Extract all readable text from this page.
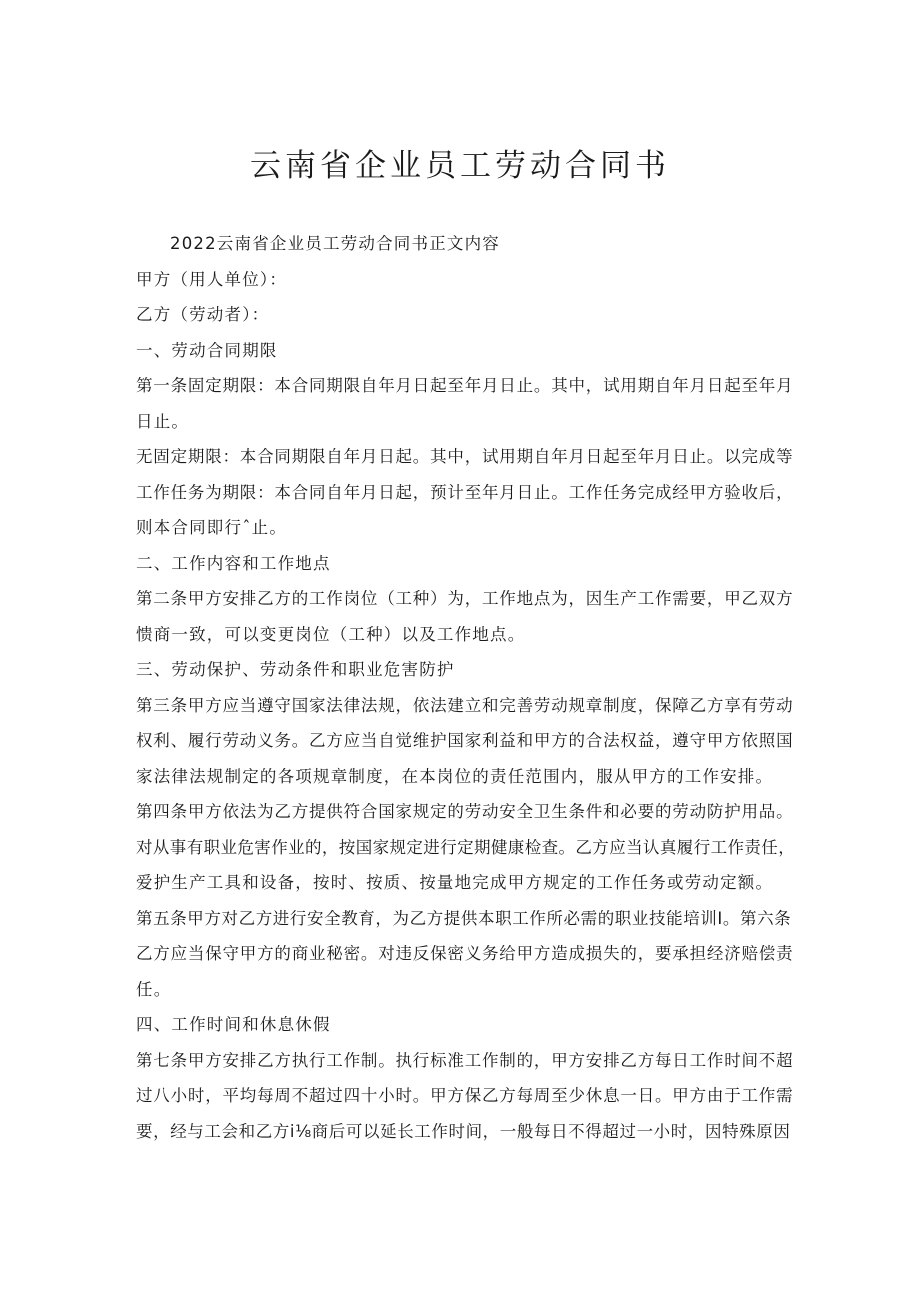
云南省企业员工劳动合同书

2022云南省企业员工劳动合同书正文内容

甲方（用人单位）：

乙方（劳动者）：

一、劳动合同期限

第一条固定期限：本合同期限自年月日起至年月日止。其中，试用期自年月日起至年月

日止。

无固定期限：本合同期限自年月日起。其中，试用期自年月日起至年月日止。以完成等

工作任务为期限：本合同自年月日起，预计至年月日止。工作任务完成经甲方验收后，

则本合同即行ˆ止。

二、工作内容和工作地点

第二条甲方安排乙方的工作岗位（工种）为，工作地点为，因生产工作需要，甲乙双方

愦商一致，可以变更岗位（工种）以及工作地点。

三、劳动保护、劳动条件和职业危害防护

第三条甲方应当遵守国家法律法规，依法建立和完善劳动规章制度，保障乙方享有劳动

权利、履行劳动义务。乙方应当自觉维护国家利益和甲方的合法权益，遵守甲方依照国

家法律法规制定的各项规章制度，在本岗位的责任范围内，服从甲方的工作安排。

第四条甲方依法为乙方提供符合国家规定的劳动安全卫生条件和必要的劳动防护用品。

对从事有职业危害作业的，按国家规定进行定期健康检查。乙方应当认真履行工作责任，

爱护生产工具和设备，按时、按质、按量地完成甲方规定的工作任务或劳动定额。

第五条甲方对乙方进行安全教育，为乙方提供本职工作所必需的职业技能培训Ⅰ。第六条

乙方应当保守甲方的商业秘密。对违反保密义务给甲方造成损失的，要承担经济赔偿责

任。

四、工作时间和休息休假

第七条甲方安排乙方执行工作制。执行标准工作制的，甲方安排乙方每日工作时间不超

过八小时，平均每周不超过四十小时。甲方保乙方每周至少休息一日。甲方由于工作需

要，经与工会和乙方i⅛商后可以延长工作时间，一般每日不得超过一小时，因特殊原因
